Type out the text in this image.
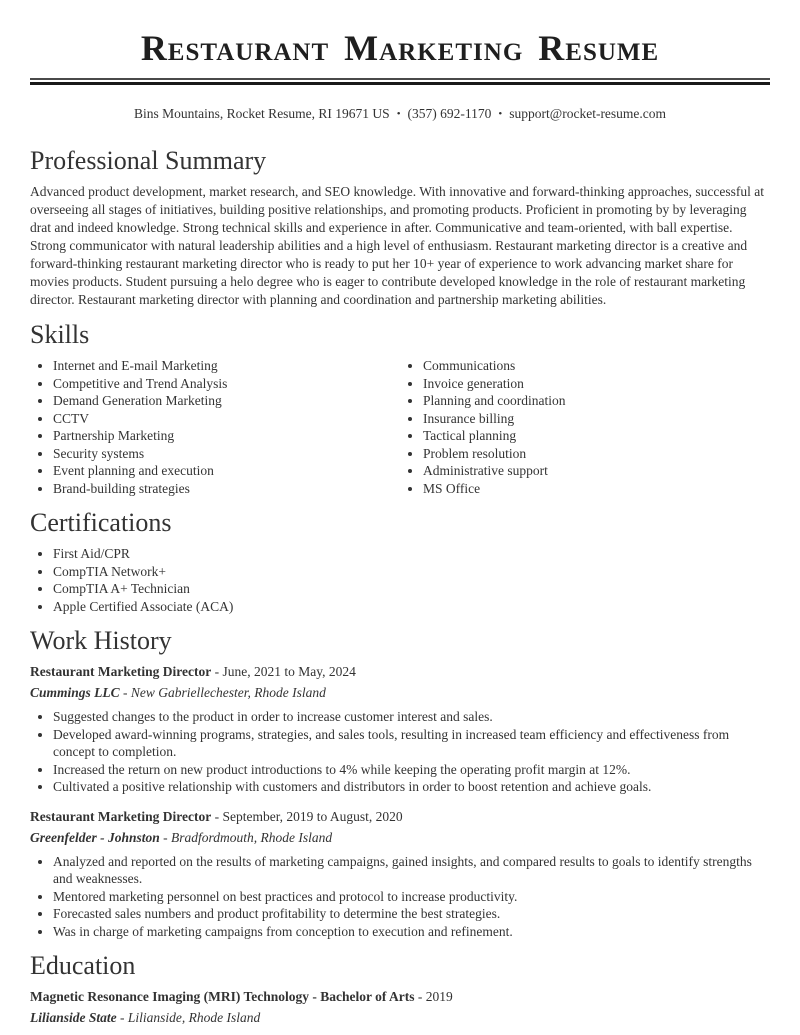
Restaurant Marketing Resume

Bins Mountains, Rocket Resume, RI 19671 US • (357) 692-1170 • support@rocket-resume.com

Professional Summary

Advanced product development, market research, and SEO knowledge. With innovative and forward-thinking approaches, successful at overseeing all stages of initiatives, building positive relationships, and promoting products. Proficient in promoting by by leveraging drat and indeed knowledge. Strong technical skills and experience in after. Communicative and team-oriented, with ball expertise. Strong communicator with natural leadership abilities and a high level of enthusiasm. Restaurant marketing director is a creative and forward-thinking restaurant marketing director who is ready to put her 10+ year of experience to work advancing market share for movies products. Student pursuing a helo degree who is eager to contribute developed knowledge in the role of restaurant marketing director. Restaurant marketing director with planning and coordination and partnership marketing abilities.

Skills
• Internet and E-mail Marketing
• Competitive and Trend Analysis
• Demand Generation Marketing
• CCTV
• Partnership Marketing
• Security systems
• Event planning and execution
• Brand-building strategies
• Communications
• Invoice generation
• Planning and coordination
• Insurance billing
• Tactical planning
• Problem resolution
• Administrative support
• MS Office
Certifications
• First Aid/CPR
• CompTIA Network+
• CompTIA A+ Technician
• Apple Certified Associate (ACA)
Work History

Restaurant Marketing Director - June, 2021 to May, 2024

Cummings LLC - New Gabriellechester, Rhode Island

• Suggested changes to the product in order to increase customer interest and sales.
• Developed award-winning programs, strategies, and sales tools, resulting in increased team efficiency and effectiveness from concept to completion.
• Increased the return on new product introductions to 4% while keeping the operating profit margin at 12%.
• Cultivated a positive relationship with customers and distributors in order to boost retention and achieve goals.

Restaurant Marketing Director - September, 2019 to August, 2020

Greenfelder - Johnston - Bradfordmouth, Rhode Island

• Analyzed and reported on the results of marketing campaigns, gained insights, and compared results to goals to identify strengths and weaknesses.
• Mentored marketing personnel on best practices and protocol to increase productivity.
• Forecasted sales numbers and product profitability to determine the best strategies.
• Was in charge of marketing campaigns from conception to execution and refinement.
Education

Magnetic Resonance Imaging (MRI) Technology - Bachelor of Arts - 2019

Lilianside State - Lilianside, Rhode Island
